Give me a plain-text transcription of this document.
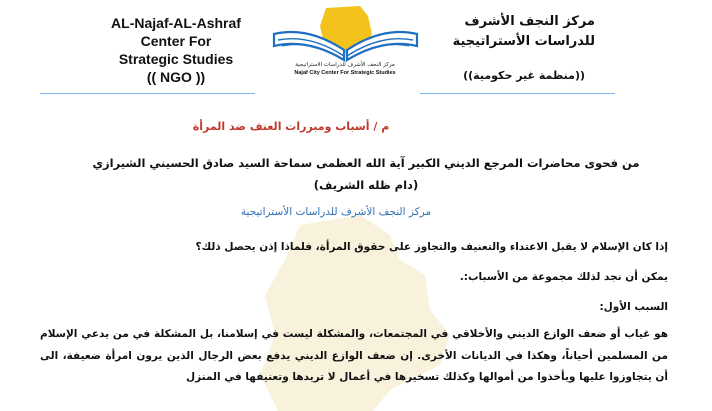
AL-Najaf-AL-Ashraf
Center For
Strategic Studies
(( NGO ))
مركز النجف الأشرف للدراسات الاستراتيجية
Najaf City Center For Strategic Studies
مركز النجف الأشرف
للدراسات الأستراتيجية
((منظمة غير حكومية))
م / أسباب ومبررات العنف ضد المرأة
من فحوى محاضرات المرجع الديني الكبير آية الله العظمى سماحة السيد صادق الحسيني الشيرازي
(دام ظله الشريف)
مركز النجف الأشرف للدراسات الأستراتيجية
إذا كان الإسلام لا يقبل الاعتداء والتعنيف والتجاوز على حقوق المرأة، فلماذا إذن يحصل ذلك؟
يمكن أن نجد لذلك مجموعة من الأسباب:.
السبب الأول:
هو غياب أو ضعف الوازع الديني والأخلاقي في المجتمعات، والمشكلة ليست في إسلامنا، بل المشكلة في من يدعي الإسلام من المسلمين أحياناً، وهكذا في الديانات الأخرى. إن ضعف الوازع الديني يدفع بعض الرجال الذين يرون امرأة ضعيفة، الى أن يتجاوزوا عليها ويأخذوا من أموالها وكذلك تسخيرها في أعمال لا تريدها وتعنيفها في المنزل
